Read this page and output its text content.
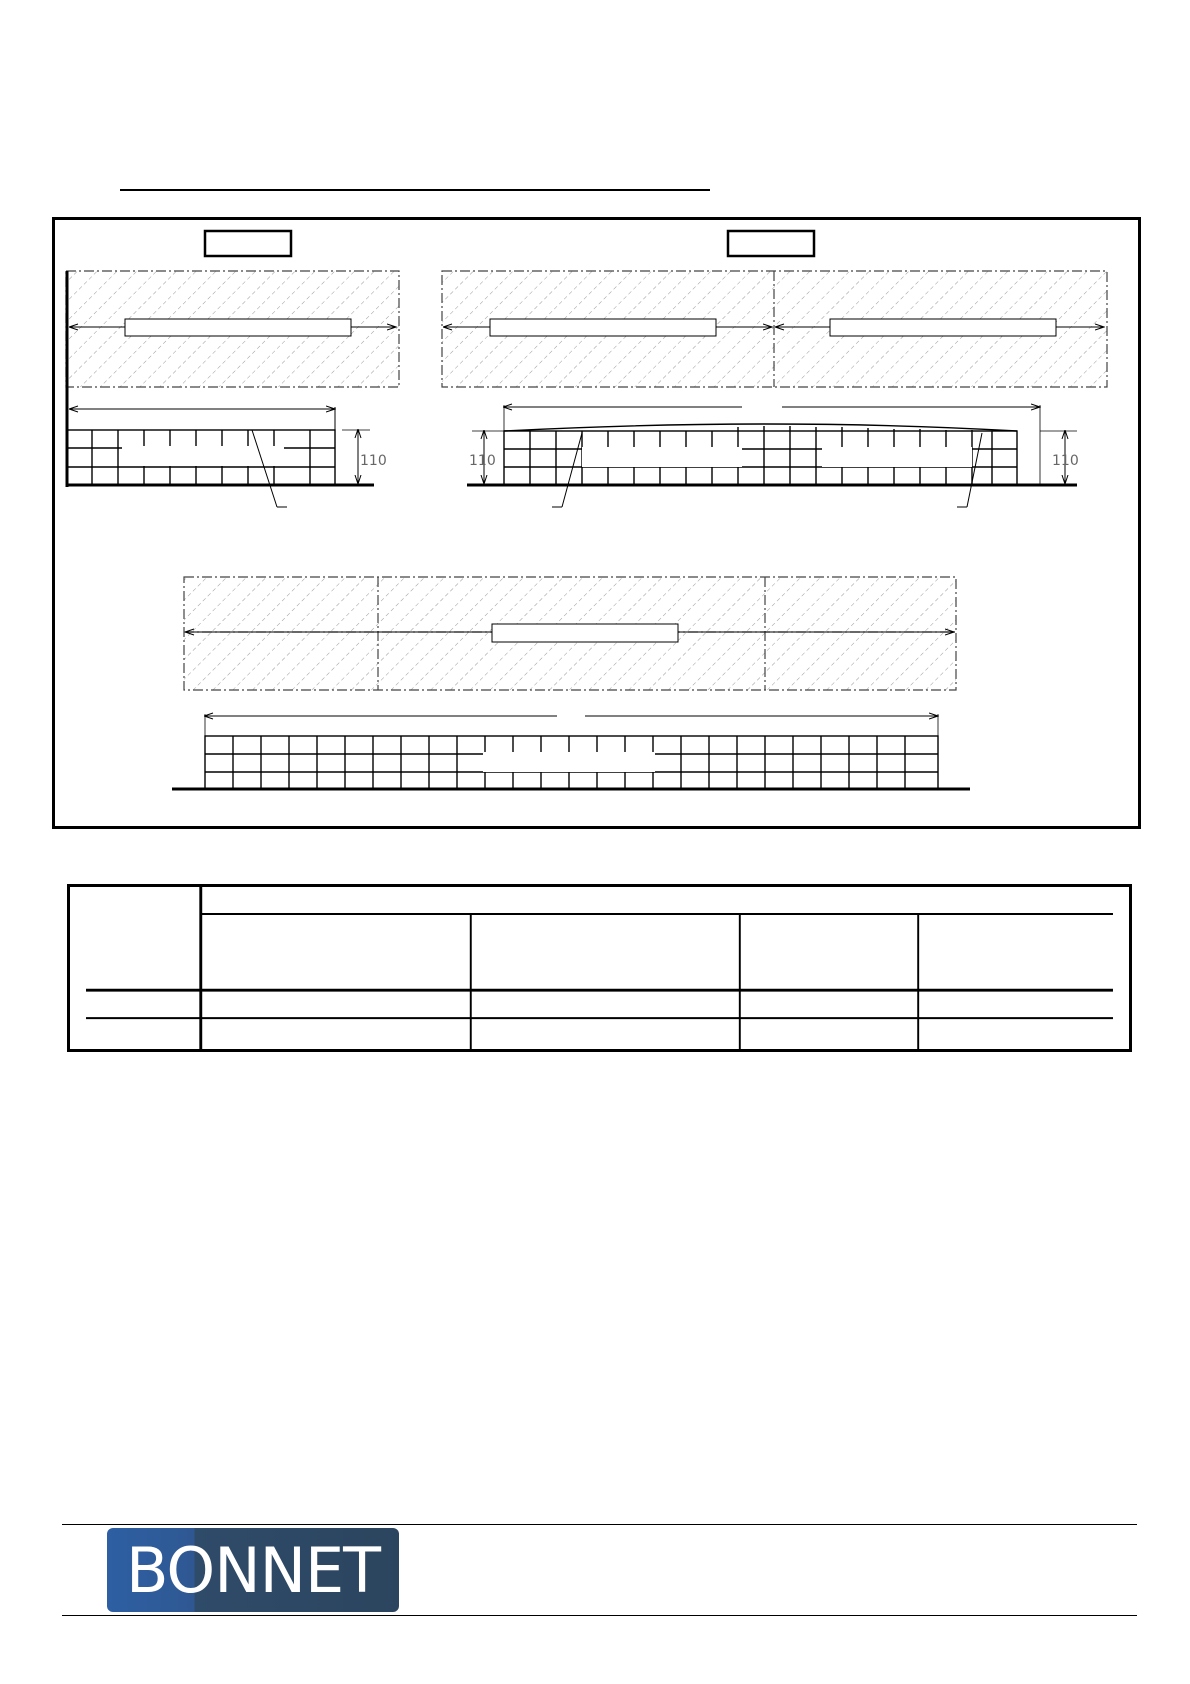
110	110	110
BONNET
